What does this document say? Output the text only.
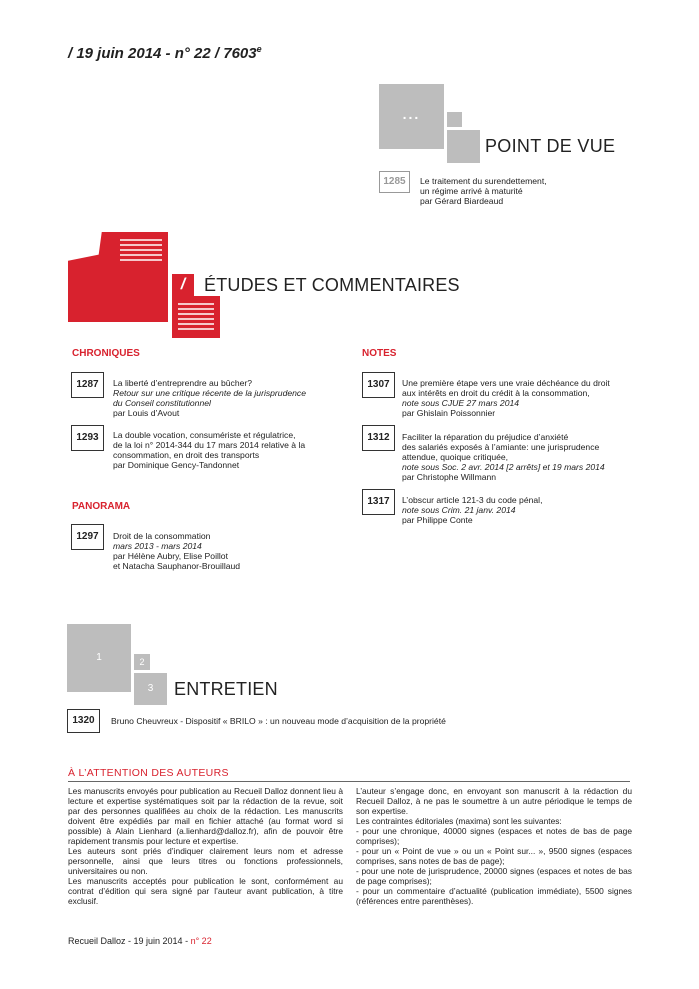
/ 19 juin 2014 - n° 22 / 7603e
...
POINT DE VUE
1285	Le traitement du surendettement,
un régime arrivé à maturité
par Gérard Biardeaud
/	ÉTUDES ET COMMENTAIRES
CHRONIQUES
1287	La liberté d’entreprendre au bûcher?
Retour sur une critique récente de la jurisprudence
du Conseil constitutionnel
par Louis d’Avout
1293	La double vocation, consumériste et régulatrice,
de la loi n° 2014-344 du 17 mars 2014 relative à la
consommation, en droit des transports
par Dominique Gency-Tandonnet
PANORAMA
1297	Droit de la consommation
mars 2013 - mars 2014
par Hélène Aubry, Elise Poillot
et Natacha Sauphanor-Brouillaud
NOTES
1307	Une première étape vers une vraie déchéance du droit
aux intérêts en droit du crédit à la consommation,
note sous CJUE 27 mars 2014
par Ghislain Poissonnier
1312	Faciliter la réparation du préjudice d’anxiété
des salariés exposés à l’amiante: une jurisprudence
attendue, quoique critiquée,
note sous Soc. 2 avr. 2014 [2 arrêts] et 19 mars 2014
par Christophe Willmann
1317	L’obscur article 121-3 du code pénal,
note sous Crim. 21 janv. 2014
par Philippe Conte
1	2
3	ENTRETIEN
1320	Bruno Cheuvreux - Dispositif « BRILO » : un nouveau mode d’acquisition de la propriété
À L’ATTENTION DES AUTEURS
Les manuscrits envoyés pour publication au Recueil Dalloz donnent lieu à lecture et expertise systématiques soit par la rédaction de la revue, soit par des personnes qualifiées au choix de la rédaction. Les manuscrits doivent être expédiés par mail en fichier attaché (au format word si possible) à Alain Lienhard (a.lienhard@dalloz.fr), afin de pouvoir être rapidement transmis pour lecture et expertise.
Les auteurs sont priés d’indiquer clairement leurs nom et adresse personnelle, ainsi que leurs titres ou fonctions professionnels, universitaires ou non.
Les manuscrits acceptés pour publication le sont, conformément au contrat d’édition qui sera signé par l’auteur avant publication, à titre exclusif.
L’auteur s’engage donc, en envoyant son manuscrit à la rédaction du Recueil Dalloz, à ne pas le soumettre à un autre périodique le temps de son expertise.
Les contraintes éditoriales (maxima) sont les suivantes:
- pour une chronique, 40000 signes (espaces et notes de bas de page comprises);
- pour un « Point de vue » ou un « Point sur... », 9500 signes (espaces comprises, sans notes de bas de page);
- pour une note de jurisprudence, 20000 signes (espaces et notes de bas de page comprises);
- pour un commentaire d’actualité (publication immédiate), 5500 signes (références entre parenthèses).
Recueil Dalloz - 19 juin 2014 - n° 22
